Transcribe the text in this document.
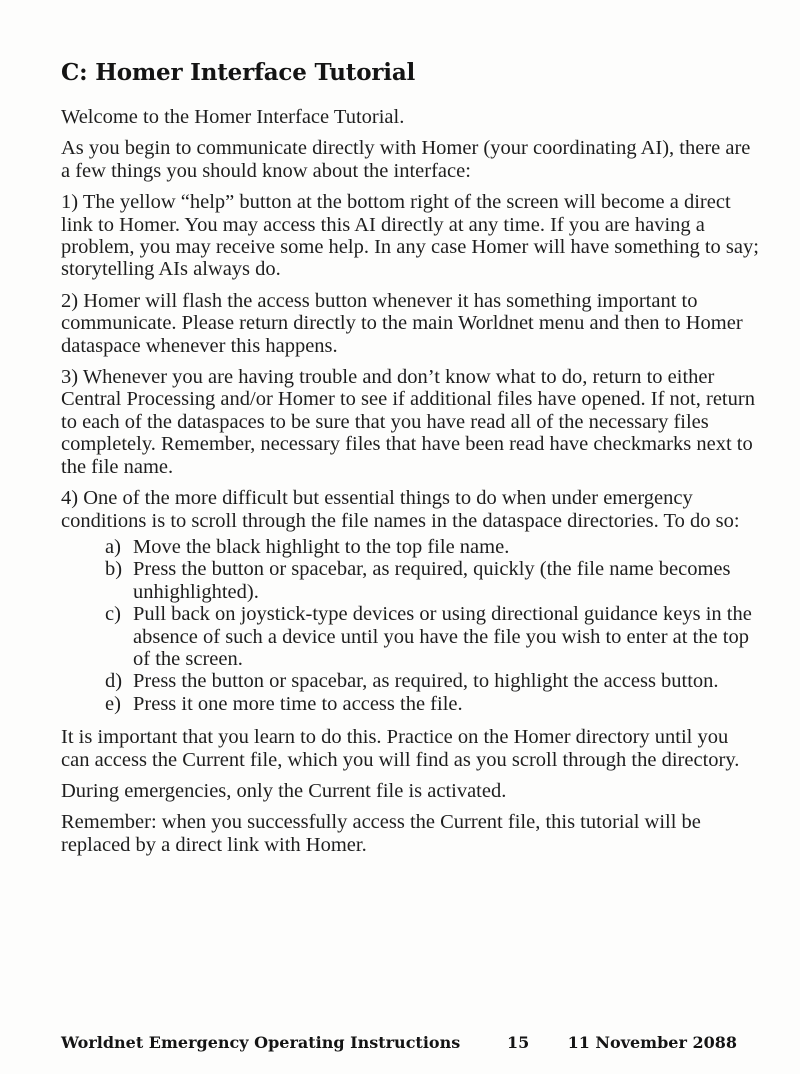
C: Homer Interface Tutorial

Welcome to the Homer Interface Tutorial.

As you begin to communicate directly with Homer (your coordinating AI), there are a few things you should know about the interface:

1) The yellow “help” button at the bottom right of the screen will become a direct link to Homer. You may access this AI directly at any time. If you are having a problem, you may receive some help. In any case Homer will have something to say; storytelling AIs always do.

2) Homer will flash the access button whenever it has something important to communicate. Please return directly to the main Worldnet menu and then to Homer dataspace whenever this happens.

3) Whenever you are having trouble and don’t know what to do, return to either Central Processing and/or Homer to see if additional files have opened. If not, return to each of the dataspaces to be sure that you have read all of the necessary files completely. Remember, necessary files that have been read have checkmarks next to the file name.

4) One of the more difficult but essential things to do when under emergency conditions is to scroll through the file names in the dataspace directories. To do so:

a) Move the black highlight to the top file name.
b) Press the button or spacebar, as required, quickly (the file name becomes unhighlighted).
c) Pull back on joystick-type devices or using directional guidance keys in the absence of such a device until you have the file you wish to enter at the top of the screen.
d) Press the button or spacebar, as required, to highlight the access button.
e) Press it one more time to access the file.

It is important that you learn to do this. Practice on the Homer directory until you can access the Current file, which you will find as you scroll through the directory.

During emergencies, only the Current file is activated.

Remember: when you successfully access the Current file, this tutorial will be replaced by a direct link with Homer.

Worldnet Emergency Operating Instructions	15 11 November 2088
